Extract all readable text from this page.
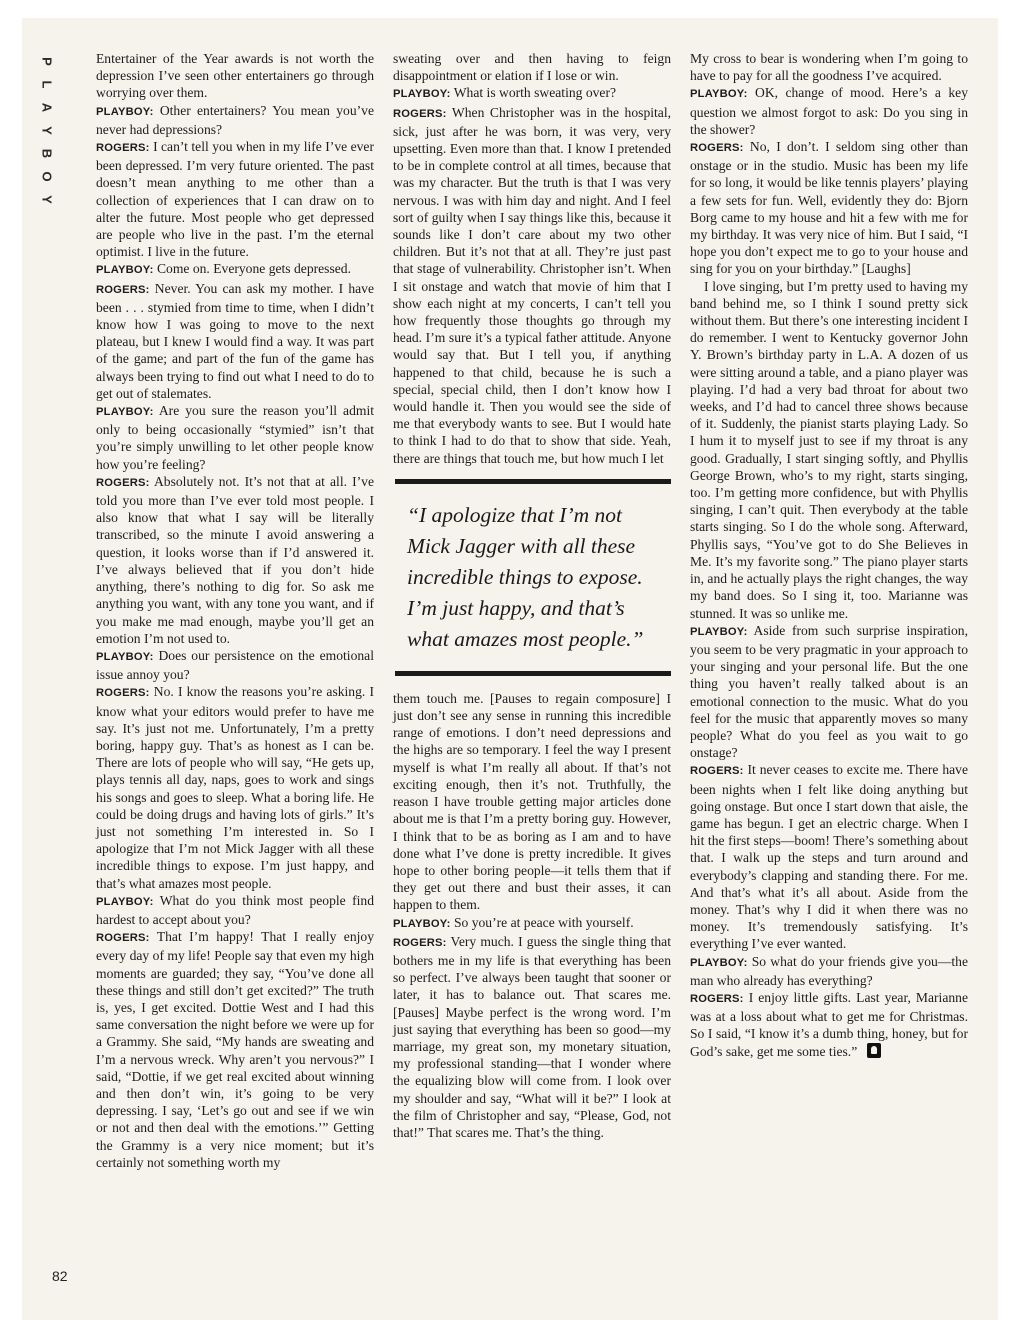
P
L
A
Y
B
O
Y

Entertainer of the Year awards is not worth the depression I’ve seen other entertainers go through worrying over them.

PLAYBOY: Other entertainers? You mean you’ve never had depressions?

ROGERS: I can’t tell you when in my life I’ve ever been depressed. I’m very future oriented. The past doesn’t mean anything to me other than a collection of experiences that I can draw on to alter the future. Most people who get depressed are people who live in the past. I’m the eternal optimist. I live in the future.

PLAYBOY: Come on. Everyone gets depressed.

ROGERS: Never. You can ask my mother. I have been . . . stymied from time to time, when I didn’t know how I was going to move to the next plateau, but I knew I would find a way. It was part of the game; and part of the fun of the game has always been trying to find out what I need to do to get out of stalemates.

PLAYBOY: Are you sure the reason you’ll admit only to being occasionally “stymied” isn’t that you’re simply unwilling to let other people know how you’re feeling?

ROGERS: Absolutely not. It’s not that at all. I’ve told you more than I’ve ever told most people. I also know that what I say will be literally transcribed, so the minute I avoid answering a question, it looks worse than if I’d answered it. I’ve always believed that if you don’t hide anything, there’s nothing to dig for. So ask me anything you want, with any tone you want, and if you make me mad enough, maybe you’ll get an emotion I’m not used to.

PLAYBOY: Does our persistence on the emotional issue annoy you?

ROGERS: No. I know the reasons you’re asking. I know what your editors would prefer to have me say. It’s just not me. Unfortunately, I’m a pretty boring, happy guy. That’s as honest as I can be. There are lots of people who will say, “He gets up, plays tennis all day, naps, goes to work and sings his songs and goes to sleep. What a boring life. He could be doing drugs and having lots of girls.” It’s just not something I’m interested in. So I apologize that I’m not Mick Jagger with all these incredible things to expose. I’m just happy, and that’s what amazes most people.

PLAYBOY: What do you think most people find hardest to accept about you?

ROGERS: That I’m happy! That I really enjoy every day of my life! People say that even my high moments are guarded; they say, “You’ve done all these things and still don’t get excited?” The truth is, yes, I get excited. Dottie West and I had this same conversation the night before we were up for a Grammy. She said, “My hands are sweating and I’m a nervous wreck. Why aren’t you nervous?” I said, “Dottie, if we get real excited about winning and then don’t win, it’s going to be very depressing. I say, ‘Let’s go out and see if we win or not and then deal with the emotions.’” Getting the Grammy is a very nice moment; but it’s certainly not something worth my

sweating over and then having to feign disappointment or elation if I lose or win.

PLAYBOY: What is worth sweating over?

ROGERS: When Christopher was in the hospital, sick, just after he was born, it was very, very upsetting. Even more than that. I know I pretended to be in complete control at all times, because that was my character. But the truth is that I was very nervous. I was with him day and night. And I feel sort of guilty when I say things like this, because it sounds like I don’t care about my two other children. But it’s not that at all. They’re just past that stage of vulnerability. Christopher isn’t. When I sit onstage and watch that movie of him that I show each night at my concerts, I can’t tell you how frequently those thoughts go through my head. I’m sure it’s a typical father attitude. Anyone would say that. But I tell you, if anything happened to that child, because he is such a special, special child, then I don’t know how I would handle it. Then you would see the side of me that everybody wants to see. But I would hate to think I had to do that to show that side. Yeah, there are things that touch me, but how much I let

“I apologize that I’m not Mick Jagger with all these incredible things to expose. I’m just happy, and that’s what amazes most people.”

them touch me. [Pauses to regain composure] I just don’t see any sense in running this incredible range of emotions. I don’t need depressions and the highs are so temporary. I feel the way I present myself is what I’m really all about. If that’s not exciting enough, then it’s not. Truthfully, the reason I have trouble getting major articles done about me is that I’m a pretty boring guy. However, I think that to be as boring as I am and to have done what I’ve done is pretty incredible. It gives hope to other boring people—it tells them that if they get out there and bust their asses, it can happen to them.

PLAYBOY: So you’re at peace with yourself.

ROGERS: Very much. I guess the single thing that bothers me in my life is that everything has been so perfect. I’ve always been taught that sooner or later, it has to balance out. That scares me. [Pauses] Maybe perfect is the wrong word. I’m just saying that everything has been so good—my marriage, my great son, my monetary situation, my professional standing—that I wonder where the equalizing blow will come from. I look over my shoulder and say, “What will it be?” I look at the film of Christopher and say, “Please, God, not that!” That scares me. That’s the thing.

My cross to bear is wondering when I’m going to have to pay for all the goodness I’ve acquired.

PLAYBOY: OK, change of mood. Here’s a key question we almost forgot to ask: Do you sing in the shower?

ROGERS: No, I don’t. I seldom sing other than onstage or in the studio. Music has been my life for so long, it would be like tennis players’ playing a few sets for fun. Well, evidently they do: Bjorn Borg came to my house and hit a few with me for my birthday. It was very nice of him. But I said, “I hope you don’t expect me to go to your house and sing for you on your birthday.” [Laughs]

I love singing, but I’m pretty used to having my band behind me, so I think I sound pretty sick without them. But there’s one interesting incident I do remember. I went to Kentucky governor John Y. Brown’s birthday party in L.A. A dozen of us were sitting around a table, and a piano player was playing. I’d had a very bad throat for about two weeks, and I’d had to cancel three shows because of it. Suddenly, the pianist starts playing Lady. So I hum it to myself just to see if my throat is any good. Gradually, I start singing softly, and Phyllis George Brown, who’s to my right, starts singing, too. I’m getting more confidence, but with Phyllis singing, I can’t quit. Then everybody at the table starts singing. So I do the whole song. Afterward, Phyllis says, “You’ve got to do She Believes in Me. It’s my favorite song.” The piano player starts in, and he actually plays the right changes, the way my band does. So I sing it, too. Marianne was stunned. It was so unlike me.

PLAYBOY: Aside from such surprise inspiration, you seem to be very pragmatic in your approach to your singing and your personal life. But the one thing you haven’t really talked about is an emotional connection to the music. What do you feel for the music that apparently moves so many people? What do you feel as you wait to go onstage?

ROGERS: It never ceases to excite me. There have been nights when I felt like doing anything but going onstage. But once I start down that aisle, the game has begun. I get an electric charge. When I hit the first steps—boom! There’s something about that. I walk up the steps and turn around and everybody’s clapping and standing there. For me. And that’s what it’s all about. Aside from the money. That’s why I did it when there was no money. It’s tremendously satisfying. It’s everything I’ve ever wanted.

PLAYBOY: So what do your friends give you—the man who already has everything?

ROGERS: I enjoy little gifts. Last year, Marianne was at a loss about what to get me for Christmas. So I said, “I know it’s a dumb thing, honey, but for God’s sake, get me some ties.”

82
